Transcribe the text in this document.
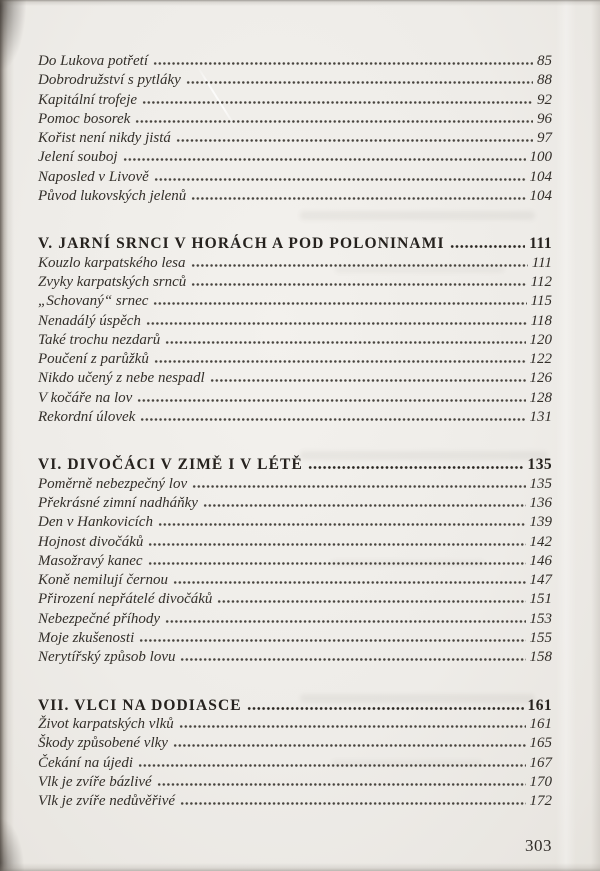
Do Lukova potřetí	85
Dobrodružství s pytláky	88
Kapitální trofeje	92
Pomoc bosorek	96
Kořist není nikdy jistá	97
Jelení souboj	100
Naposled v Livově	104
Původ lukovských jelenů	104
V. JARNÍ SRNCI V HORÁCH A POD POLONINAMI	111
Kouzlo karpatského lesa	111
Zvyky karpatských srnců	112
„Schovaný“ srnec	115
Nenadálý úspěch	118
Také trochu nezdarů	120
Poučení z parůžků	122
Nikdo učený z nebe nespadl	126
V kočáře na lov	128
Rekordní úlovek	131
VI. DIVOČÁCI V ZIMĚ I V LÉTĚ	135
Poměrně nebezpečný lov	135
Překrásné zimní nadháňky	136
Den v Hankovicích	139
Hojnost divočáků	142
Masožravý kanec	146
Koně nemilují černou	147
Přirození nepřátelé divočáků	151
Nebezpečné příhody	153
Moje zkušenosti	155
Nerytířský způsob lovu	158
VII. VLCI NA DODIASCE	161
Život karpatských vlků	161
Škody způsobené vlky	165
Čekání na újedi	167
Vlk je zvíře bázlivé	170
Vlk je zvíře nedůvěřivé	172
303
